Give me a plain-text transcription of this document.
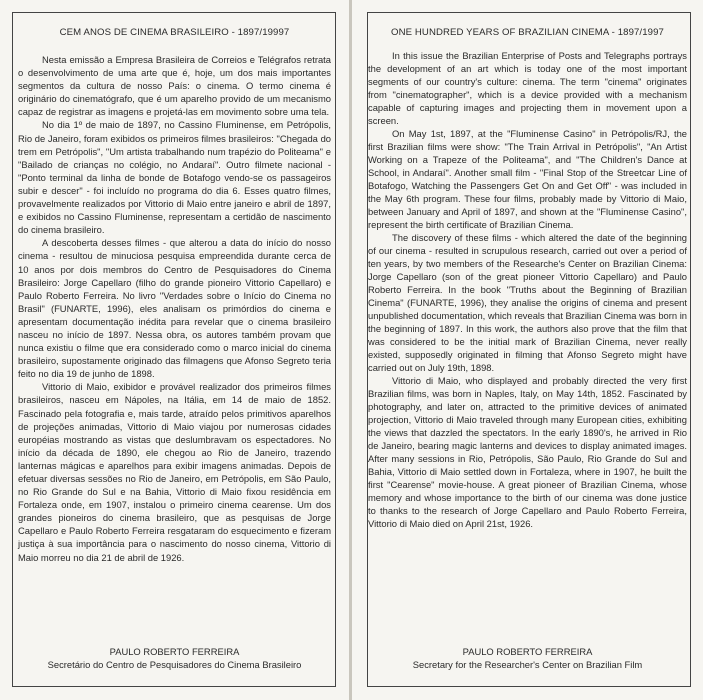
CEM ANOS DE CINEMA BRASILEIRO - 1897/19997

Nesta emissão a Empresa Brasileira de Correios e Telégrafos retrata o desenvolvimento de uma arte que é, hoje, um dos mais importantes segmentos da cultura de nosso País: o cinema. O termo cinema é originário do cinematógrafo, que é um aparelho provido de um mecanismo capaz de registrar as imagens e projetá-las em movimento sobre uma tela.

No dia 1º de maio de 1897, no Cassino Fluminense, em Petrópolis, Rio de Janeiro, foram exibidos os primeiros filmes brasileiros: "Chegada do trem em Petrópolis", "Um artista trabalhando num trapézio do Politeama" e "Bailado de crianças no colégio, no Andaraí". Outro filmete nacional - "Ponto terminal da linha de bonde de Botafogo vendo-se os passageiros subir e descer" - foi incluído no programa do dia 6. Esses quatro filmes, provavelmente realizados por Vittorio di Maio entre janeiro e abril de 1897, e exibidos no Cassino Fluminense, representam a certidão de nascimento do cinema brasileiro.

A descoberta desses filmes - que alterou a data do início do nosso cinema - resultou de minuciosa pesquisa empreendida durante cerca de 10 anos por dois membros do Centro de Pesquisadores do Cinema Brasileiro: Jorge Capellaro (filho do grande pioneiro Vittorio Capellaro) e Paulo Roberto Ferreira. No livro "Verdades sobre o Início do Cinema no Brasil" (FUNARTE, 1996), eles analisam os primórdios do cinema e apresentam documentação inédita para revelar que o cinema brasileiro nasceu no início de 1897. Nessa obra, os autores também provam que nunca existiu o filme que era considerado como o marco inicial do cinema brasileiro, supostamente originado das filmagens que Afonso Segreto teria feito no dia 19 de junho de 1898.

Vittorio di Maio, exibidor e provável realizador dos primeiros filmes brasileiros, nasceu em Nápoles, na Itália, em 14 de maio de 1852. Fascinado pela fotografia e, mais tarde, atraído pelos primitivos aparelhos de projeções animadas, Vittorio di Maio viajou por numerosas cidades européias mostrando as vistas que deslumbravam os espectadores. No início da década de 1890, ele chegou ao Rio de Janeiro, trazendo lanternas mágicas e aparelhos para exibir imagens animadas. Depois de efetuar diversas sessões no Rio de Janeiro, em Petrópolis, em São Paulo, no Rio Grande do Sul e na Bahia, Vittorio di Maio fixou residência em Fortaleza onde, em 1907, instalou o primeiro cinema cearense. Um dos grandes pioneiros do cinema brasileiro, que as pesquisas de Jorge Capellaro e Paulo Roberto Ferreira resgataram do esquecimento e fizeram justiça à sua importância para o nascimento do nosso cinema, Vittorio di Maio morreu no dia 21 de abril de 1926.

PAULO ROBERTO FERREIRA
Secretário do Centro de Pesquisadores do Cinema Brasileiro
ONE HUNDRED YEARS OF BRAZILIAN CINEMA - 1897/1997

In this issue the Brazilian Enterprise of Posts and Telegraphs portrays the development of an art which is today one of the most important segments of our country's culture: cinema. The term "cinema" originates from "cinematographer", which is a device provided with a mechanism capable of capturing images and projecting them in movement upon a screen.

On May 1st, 1897, at the "Fluminense Casino" in Petrópolis/RJ, the first Brazilian films were show: "The Train Arrival in Petrópolis", "An Artist Working on a Trapeze of the Politeama", and "The Children's Dance at School, in Andaraí". Another small film - "Final Stop of the Streetcar Line of Botafogo, Watching the Passengers Get On and Get Off" - was included in the May 6th program. These four films, probably made by Vittorio di Maio, between January and April of 1897, and shown at the "Fluminense Casino", represent the birth certificate of Brazilian Cinema.

The discovery of these films - which altered the date of the beginning of our cinema - resulted in scrupulous research, carried out over a period of ten years, by two members of the Researche's Center on Brazilian Cinema: Jorge Capellaro (son of the great pioneer Vittorio Capellaro) and Paulo Roberto Ferreira. In the book "Truths about the Beginning of Brazilian Cinema" (FUNARTE, 1996), they analise the origins of cinema and present unpublished documentation, which reveals that Brazilian Cinema was born in the beginning of 1897. In this work, the authors also prove that the film that was considered to be the initial mark of Brazilian Cinema, never really existed, supposedly originated in filming that Afonso Segreto might have carried out on July 19th, 1898.

Vittorio di Maio, who displayed and probably directed the very first Brazilian films, was born in Naples, Italy, on May 14th, 1852. Fascinated by photography, and later on, attracted to the primitive devices of animated projection, Vittorio di Maio traveled through many European cities, exhibiting the views that dazzled the spectators. In the early 1890's, he arrived in Rio de Janeiro, bearing magic lanterns and devices to display animated images. After many sessions in Rio, Petrópolis, São Paulo, Rio Grande do Sul and Bahia, Vittorio di Maio settled down in Fortaleza, where in 1907, he built the first "Cearense" movie-house. A great pioneer of Brazilian Cinema, whose memory and whose importance to the birth of our cinema was done justice to thanks to the research of Jorge Capellaro and Paulo Roberto Ferreira, Vittorio di Maio died on April 21st, 1926.

PAULO ROBERTO FERREIRA
Secretary for the Researcher's Center on Brazilian Film
